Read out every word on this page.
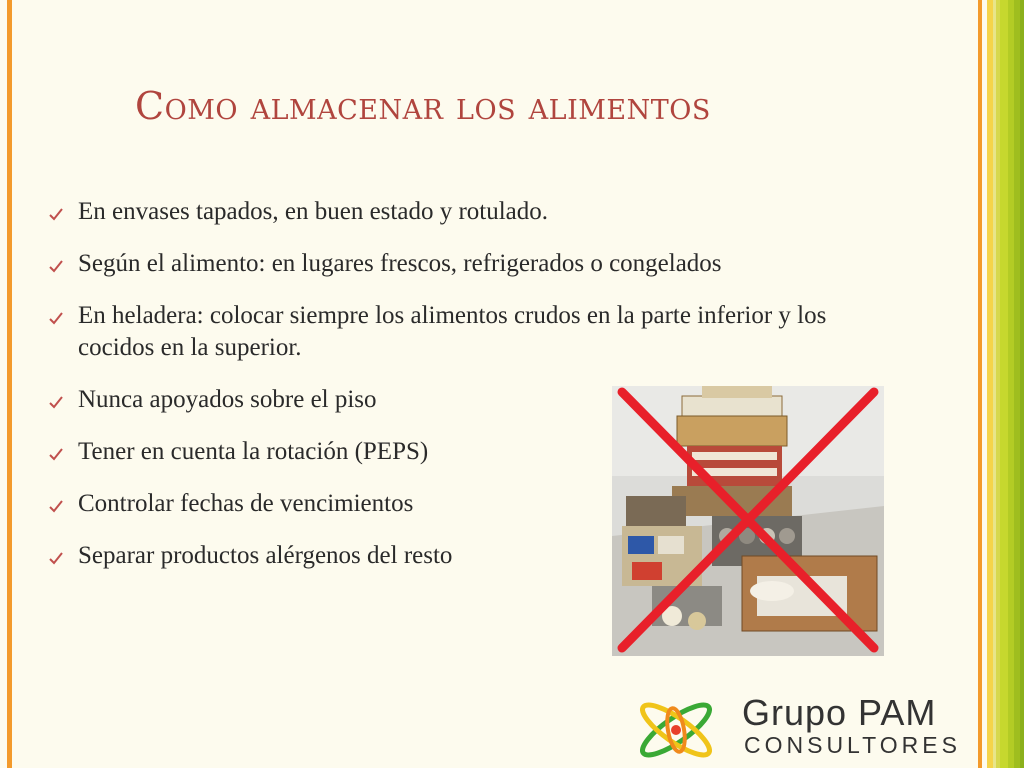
Como almacenar los alimentos
En envases tapados, en buen estado y rotulado.
Según el alimento: en lugares frescos, refrigerados o congelados
En heladera: colocar siempre los alimentos crudos en la parte inferior y los cocidos en la superior.
Nunca apoyados sobre el piso
Tener en cuenta la rotación (PEPS)
Controlar fechas de vencimientos
Separar productos alérgenos del resto
Grupo PAM
CONSULTORES
